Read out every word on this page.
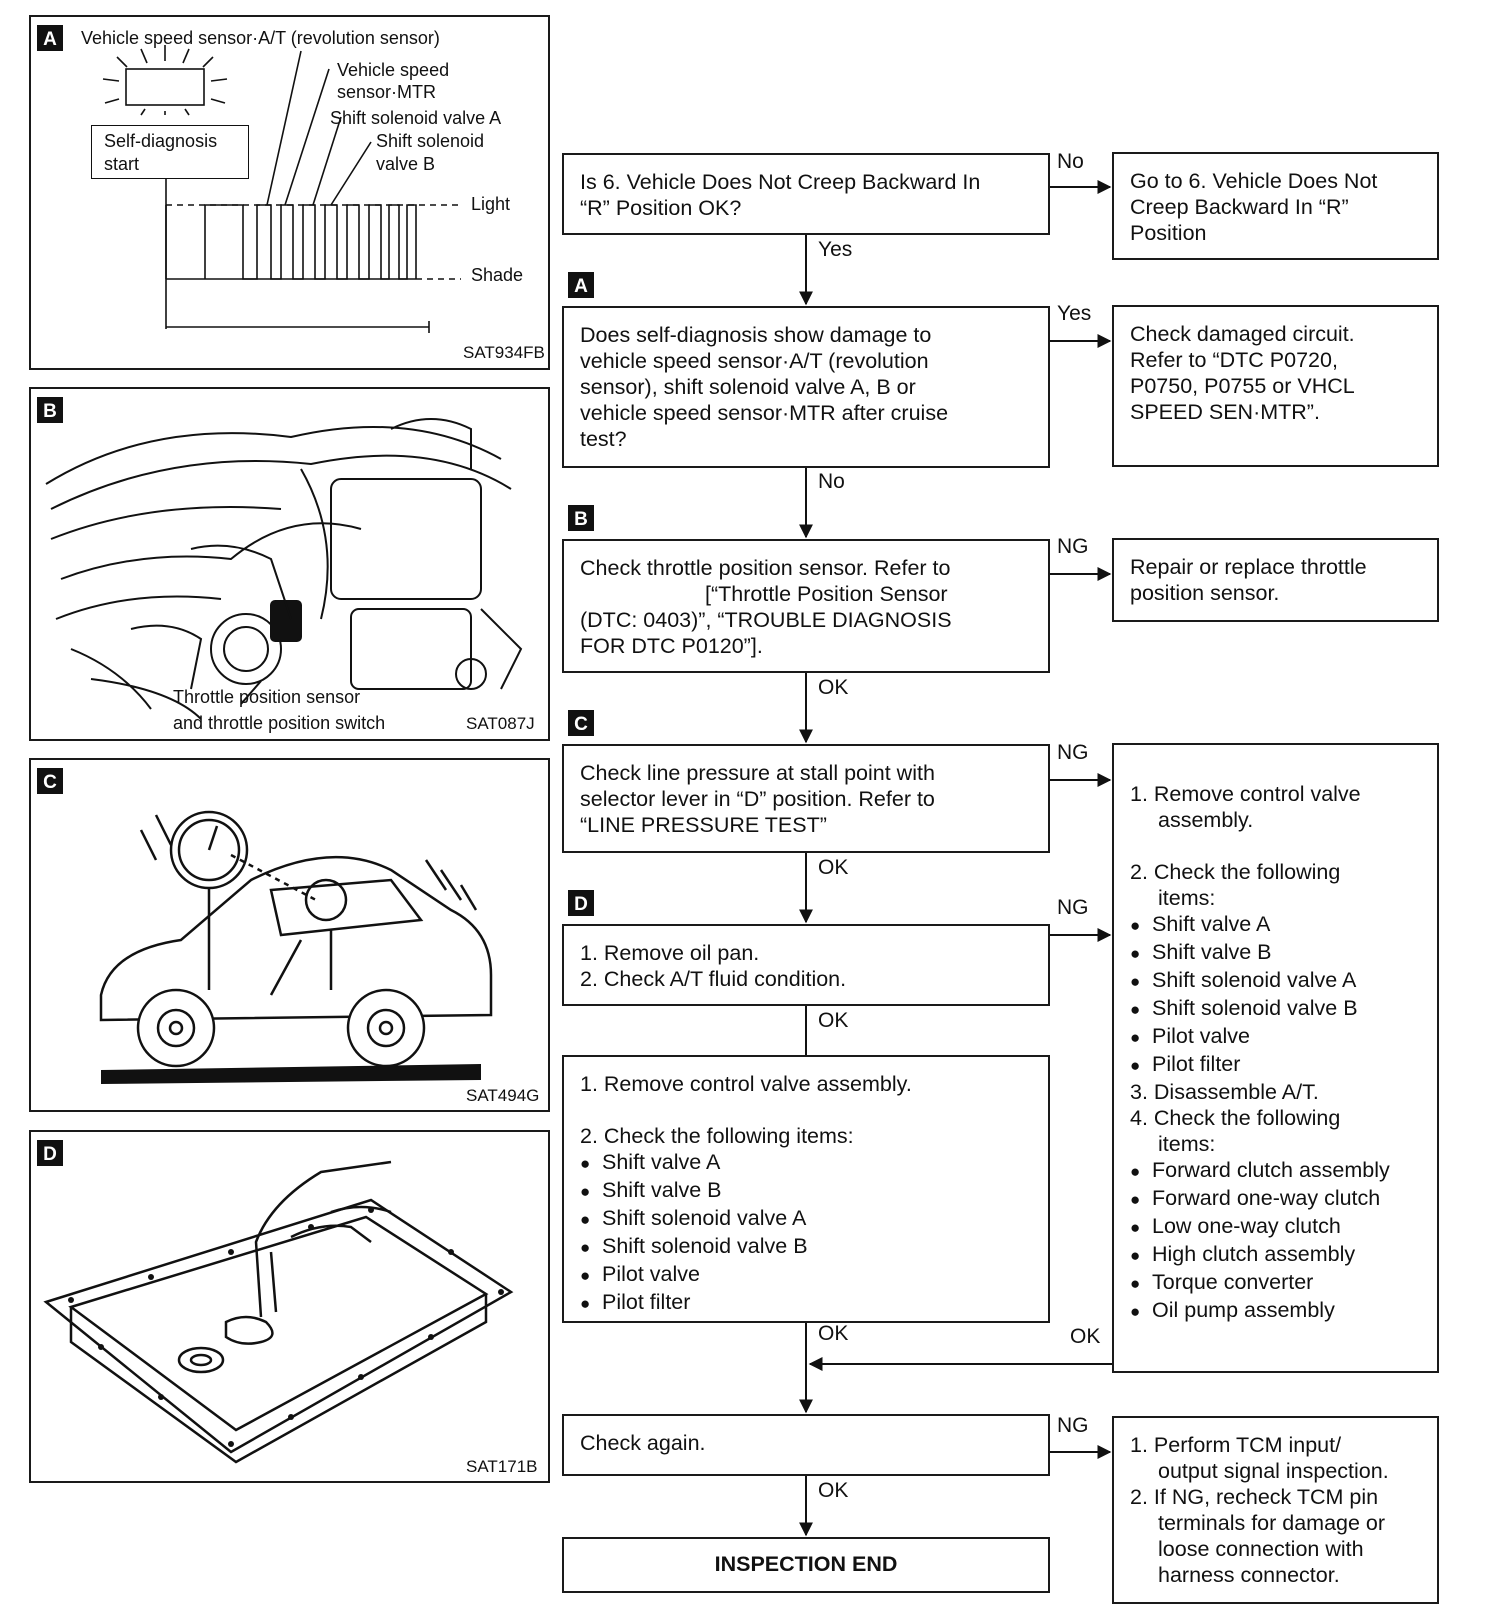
A	Vehicle speed sensor·A/T (revolution sensor)
Vehicle speed
sensor·MTR
Shift solenoid valve A
Shift solenoid
valve B
Self-diagnosis
start
Light
Shade
SAT934FB
B
Throttle position sensor
and throttle position switch	SAT087J
C
SAT494G
D
SAT171B
Is 6. Vehicle Does Not Creep Backward In
“R” Position OK?
Go to 6. Vehicle Does Not
Creep Backward In “R”
Position
A
Does self-diagnosis show damage to
vehicle speed sensor·A/T (revolution
sensor), shift solenoid valve A, B or
vehicle speed sensor·MTR after cruise
test?
Check damaged circuit.
Refer to “DTC P0720,
P0750, P0755 or VHCL
SPEED SEN·MTR”.
B
Check throttle position sensor. Refer to
[“Throttle Position Sensor
(DTC: 0403)”, “TROUBLE DIAGNOSIS
FOR DTC P0120”].
Repair or replace throttle
position sensor.
C
Check line pressure at stall point with
selector lever in “D” position. Refer to
“LINE PRESSURE TEST”
D
1. Remove oil pan.
2. Check A/T fluid condition.
1. Remove control valve assembly.
2. Check the following items:
● Shift valve A
● Shift valve B
● Shift solenoid valve A
● Shift solenoid valve B
● Pilot valve
● Pilot filter
1. Remove control valve
assembly.
2. Check the following
items:
● Shift valve A
● Shift valve B
● Shift solenoid valve A
● Shift solenoid valve B
● Pilot valve
● Pilot filter
3. Disassemble A/T.
4. Check the following
items:
● Forward clutch assembly
● Forward one-way clutch
● Low one-way clutch
● High clutch assembly
● Torque converter
● Oil pump assembly
Check again.	1. Perform TCM input/
output signal inspection.
2. If NG, recheck TCM pin
terminals for damage or
loose connection with
harness connector.
INSPECTION END
No
Yes
Yes
No
NG
OK
NG
OK
NG
OK
OK	OK
NG
OK
